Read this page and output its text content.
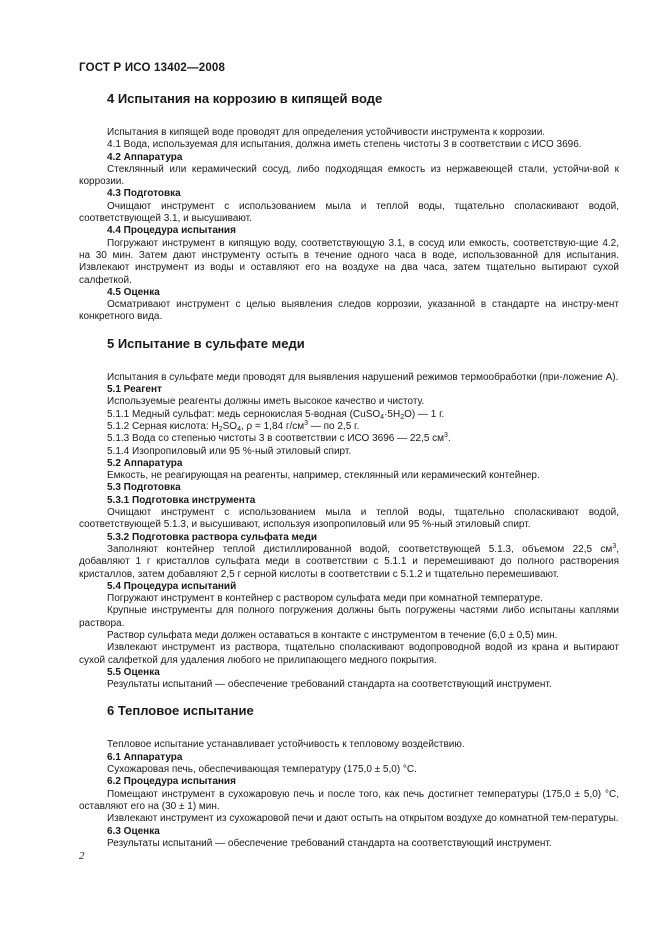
ГОСТ Р ИСО 13402—2008
4 Испытания на коррозию в кипящей воде

Испытания в кипящей воде проводят для определения устойчивости инструмента к коррозии.

4.1 Вода, используемая для испытания, должна иметь степень чистоты 3 в соответствии с ИСО 3696.

4.2 Аппаратура

Стеклянный или керамический сосуд, либо подходящая емкость из нержавеющей стали, устойчи-вой к коррозии.

4.3 Подготовка

Очищают инструмент с использованием мыла и теплой воды, тщательно споласкивают водой, соответствующей 3.1, и высушивают.

4.4 Процедура испытания

Погружают инструмент в кипящую воду, соответствующую 3.1, в сосуд или емкость, соответствую-щие 4.2, на 30 мин. Затем дают инструменту остыть в течение одного часа в воде, использованной для испытания. Извлекают инструмент из воды и оставляют его на воздухе на два часа, затем тщательно вытирают сухой салфеткой.

4.5 Оценка

Осматривают инструмент с целью выявления следов коррозии, указанной в стандарте на инстру-мент конкретного вида.

5 Испытание в сульфате меди

Испытания в сульфате меди проводят для выявления нарушений режимов термообработки (при-ложение А).

5.1 Реагент

Используемые реагенты должны иметь высокое качество и чистоту.

5.1.1 Медный сульфат: медь сернокислая 5-водная $(CuSO_4\cdot 5H_2O)$ — 1 г.

5.1.2 Серная кислота: $H_2SO_4$, ρ = 1,84 $г/см^3$ — по 2,5 г.

5.1.3 Вода со степенью чистоты 3 в соответствии с ИСО 3696 — 22,5 $см^3$.

5.1.4 Изопропиловый или 95 %-ный этиловый спирт.

5.2 Аппаратура

Емкость, не реагирующая на реагенты, например, стеклянный или керамический контейнер.

5.3 Подготовка

5.3.1 Подготовка инструмента

Очищают инструмент с использованием мыла и теплой воды, тщательно споласкивают водой, соответствующей 5.1.3, и высушивают, используя изопропиловый или 95 %-ный этиловый спирт.

5.3.2 Подготовка раствора сульфата меди

Заполняют контейнер теплой дистиллированной водой, соответствующей 5.1.3, объемом 22,5 $см^3$, добавляют 1 г кристаллов сульфата меди в соответствии с 5.1.1 и перемешивают до полного растворения кристаллов, затем добавляют 2,5 г серной кислоты в соответствии с 5.1.2 и тщательно перемешивают.

5.4 Процедура испытаний

Погружают инструмент в контейнер с раствором сульфата меди при комнатной температуре.

Крупные инструменты для полного погружения должны быть погружены частями либо испытаны каплями раствора.

Раствор сульфата меди должен оставаться в контакте с инструментом в течение (6,0 ± 0,5) мин.

Извлекают инструмент из раствора, тщательно споласкивают водопроводной водой из крана и вытирают сухой салфеткой для удаления любого не прилипающего медного покрытия.

5.5 Оценка

Результаты испытаний — обеспечение требований стандарта на соответствующий инструмент.

6 Тепловое испытание

Тепловое испытание устанавливает устойчивость к тепловому воздействию.

6.1 Аппаратура

Сухожаровая печь, обеспечивающая температуру (175,0 ± 5,0) °С.

6.2 Процедура испытания

Помещают инструмент в сухожаровую печь и после того, как печь достигнет температуры (175,0 ± 5,0) °С, оставляют его на (30 ± 1) мин.

Извлекают инструмент из сухожаровой печи и дают остыть на открытом воздухе до комнатной тем-пературы.

6.3 Оценка

Результаты испытаний — обеспечение требований стандарта на соответствующий инструмент.

2
